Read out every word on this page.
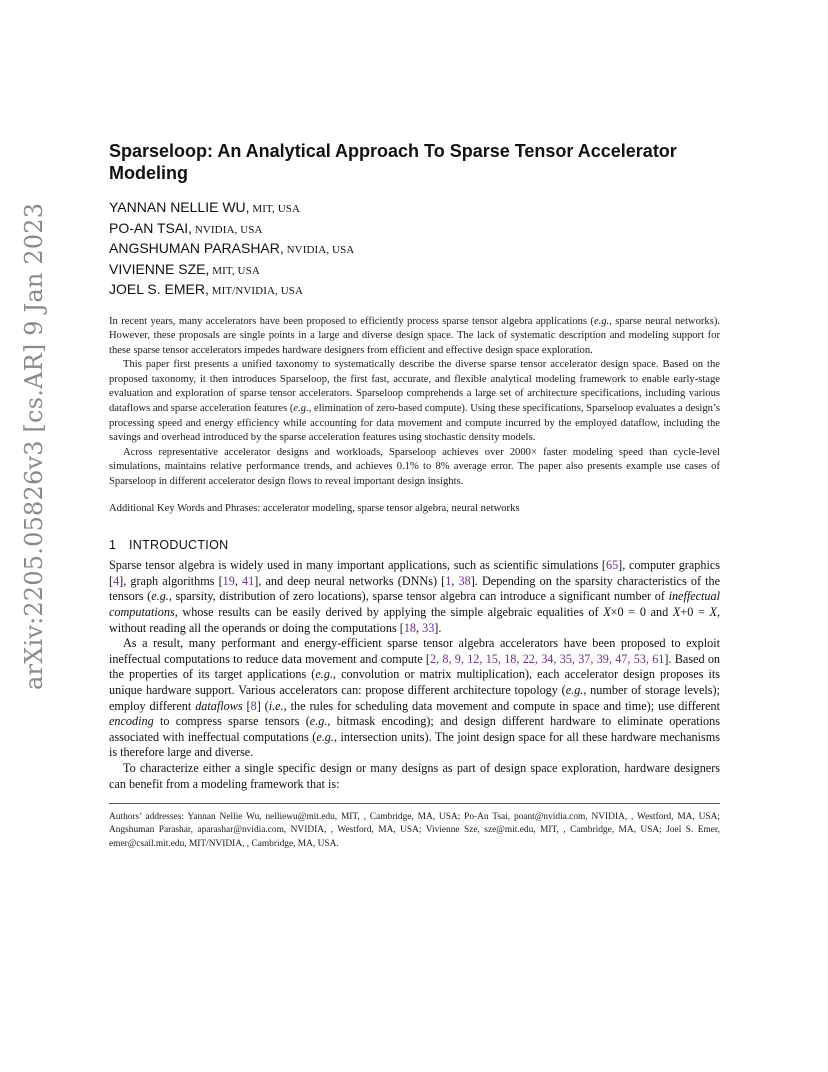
arXiv:2205.05826v3 [cs.AR] 9 Jan 2023
Sparseloop: An Analytical Approach To Sparse Tensor Accelerator Modeling
YANNAN NELLIE WU, MIT, USA
PO-AN TSAI, NVIDIA, USA
ANGSHUMAN PARASHAR, NVIDIA, USA
VIVIENNE SZE, MIT, USA
JOEL S. EMER, MIT/NVIDIA, USA

In recent years, many accelerators have been proposed to efficiently process sparse tensor algebra applications (e.g., sparse neural networks). However, these proposals are single points in a large and diverse design space. The lack of systematic description and modeling support for these sparse tensor accelerators impedes hardware designers from efficient and effective design space exploration.

This paper first presents a unified taxonomy to systematically describe the diverse sparse tensor accelerator design space. Based on the proposed taxonomy, it then introduces Sparseloop, the first fast, accurate, and flexible analytical modeling framework to enable early-stage evaluation and exploration of sparse tensor accelerators. Sparseloop comprehends a large set of architecture specifications, including various dataflows and sparse acceleration features (e.g., elimination of zero-based compute). Using these specifications, Sparseloop evaluates a design’s processing speed and energy efficiency while accounting for data movement and compute incurred by the employed dataflow, including the savings and overhead introduced by the sparse acceleration features using stochastic density models.

Across representative accelerator designs and workloads, Sparseloop achieves over 2000× faster modeling speed than cycle-level simulations, maintains relative performance trends, and achieves 0.1% to 8% average error. The paper also presents example use cases of Sparseloop in different accelerator design flows to reveal important design insights.

Additional Key Words and Phrases: accelerator modeling, sparse tensor algebra, neural networks
1 INTRODUCTION

Sparse tensor algebra is widely used in many important applications, such as scientific simulations [65], computer graphics [4], graph algorithms [19, 41], and deep neural networks (DNNs) [1, 38]. Depending on the sparsity characteristics of the tensors (e.g., sparsity, distribution of zero locations), sparse tensor algebra can introduce a significant number of ineffectual computations, whose results can be easily derived by applying the simple algebraic equalities of X×0 = 0 and X+0 = X, without reading all the operands or doing the computations [18, 33].

As a result, many performant and energy-efficient sparse tensor algebra accelerators have been proposed to exploit ineffectual computations to reduce data movement and compute [2, 8, 9, 12, 15, 18, 22, 34, 35, 37, 39, 47, 53, 61]. Based on the properties of its target applications (e.g., convolution or matrix multiplication), each accelerator design proposes its unique hardware support. Various accelerators can: propose different architecture topology (e.g., number of storage levels); employ different dataflows [8] (i.e., the rules for scheduling data movement and compute in space and time); use different encoding to compress sparse tensors (e.g., bitmask encoding); and design different hardware to eliminate operations associated with ineffectual computations (e.g., intersection units). The joint design space for all these hardware mechanisms is therefore large and diverse.

To characterize either a single specific design or many designs as part of design space exploration, hardware designers can benefit from a modeling framework that is:

Authors’ addresses: Yannan Nellie Wu, nelliewu@mit.edu, MIT, , Cambridge, MA, USA; Po-An Tsai, poant@nvidia.com, NVIDIA, , Westford, MA, USA; Angshuman Parashar, aparashar@nvidia.com, NVIDIA, , Westford, MA, USA; Vivienne Sze, sze@mit.edu, MIT, , Cambridge, MA, USA; Joel S. Emer, emer@csail.mit.edu, MIT/NVIDIA, , Cambridge, MA, USA.
